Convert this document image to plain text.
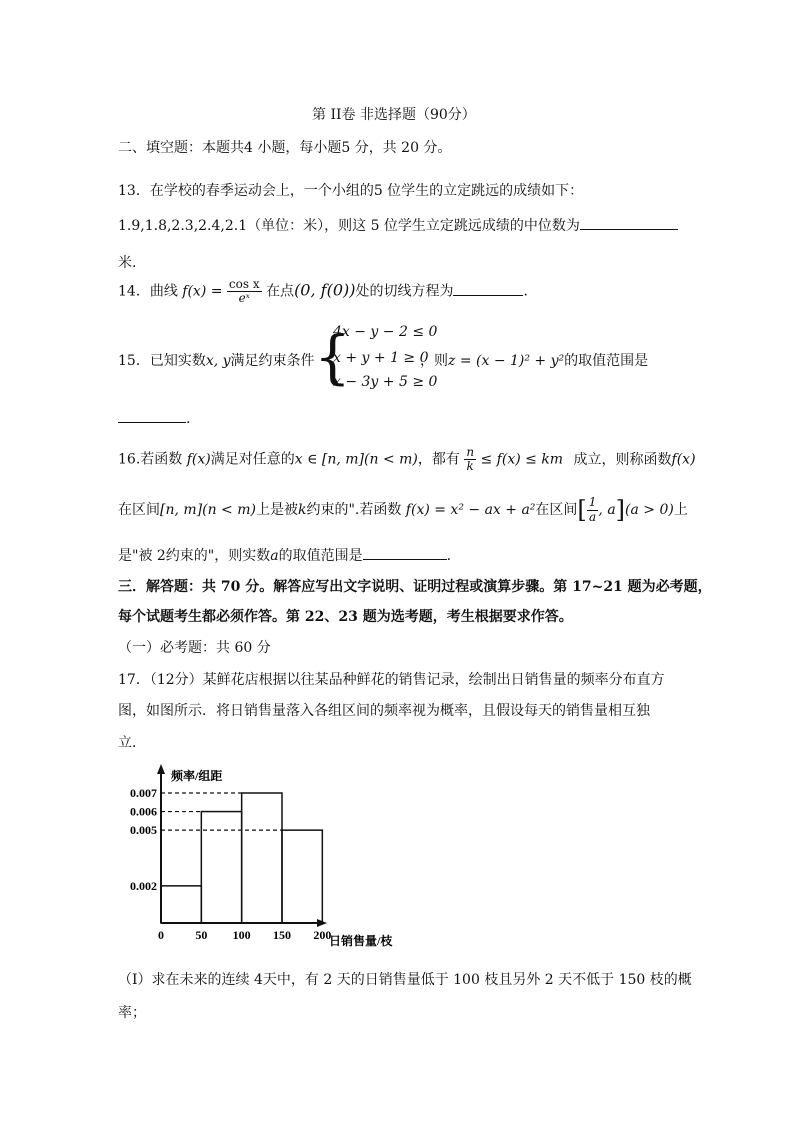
第 II卷 非选择题（90分）
二、填空题：本题共4 小题，每小题5 分，共 20 分。
13．在学校的春季运动会上，一个小组的5 位学生的立定跳远的成绩如下：
1.9,1.8,2.3,2.4,2.1（单位：米），则这 5 位学生立定跳远成绩的中位数为
米.
14．曲线 $f(x) = \frac{\text{cos x}}{\text{eˣ}}$ 在点(0, f(0))处的切线方程为	.
15．已知实数x, y满足约束条件 {
4x − y − 2 ≤ 0
x + y + 1 ≥ 0
x − 3y + 5 ≥ 0
，则z = (x − 1)² + y²的取值范围是
.
16.若函数 f(x)满足对任意的x ∈ [n, m](n < m)，都有 $\frac{n}{k} \le f(x)$ ≤ km 成立，则称函数f(x)
在区间[n, m](n < m)上是被k约束的".若函数 f(x) = x² − ax + a²在区间[ $\frac{1}{a}$ , a](a > 0)上
是"被 2约束的"，则实数a的取值范围是	.
三．解答题：共 70 分。解答应写出文字说明、证明过程或演算步骤。第 17~21 题为必考题，
每个试题考生都必须作答。第 22、23 题为选考题，考生根据要求作答。
（一）必考题：共 60 分
17．（12分）某鲜花店根据以往某品种鲜花的销售记录，绘制出日销售量的频率分布直方
图，如图所示．将日销售量落入各组区间的频率视为概率，且假设每天的销售量相互独
立．
0.007
0.006
0.005
0.002
0	50 100 150 200
频率/组距
日销售量/枝
（Ⅰ）求在未来的连续 4天中，有 2 天的日销售量低于 100 枝且另外 2 天不低于 150 枝的概
率；
